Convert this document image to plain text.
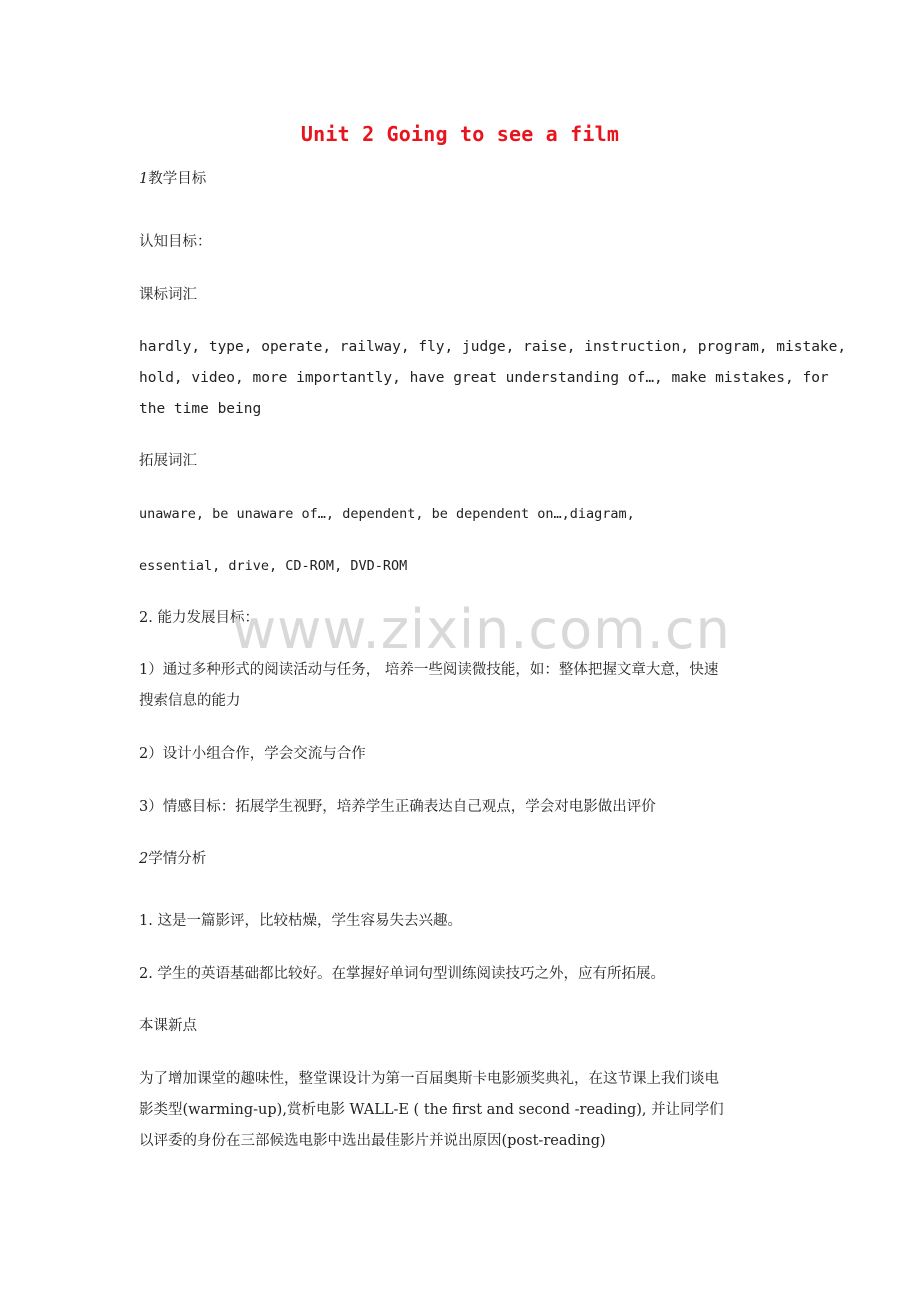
Unit 2 Going to see a film
1教学目标
认知目标：
课标词汇
hardly, type, operate, railway, fly, judge, raise, instruction, program, mistake,
hold, video, more importantly, have great understanding of…, make mistakes, for
the time being
拓展词汇
unaware, be unaware of…, dependent, be dependent on…,diagram,
essential, drive, CD-ROM, DVD-ROM
2. 能力发展目标：
1）通过多种形式的阅读活动与任务， 培养一些阅读微技能，如：整体把握文章大意，快速
搜索信息的能力
2）设计小组合作，学会交流与合作
3）情感目标：拓展学生视野，培养学生正确表达自己观点，学会对电影做出评价
2学情分析
1. 这是一篇影评，比较枯燥，学生容易失去兴趣。
2. 学生的英语基础都比较好。在掌握好单词句型训练阅读技巧之外，应有所拓展。
本课新点
为了增加课堂的趣味性，整堂课设计为第一百届奥斯卡电影颁奖典礼，在这节课上我们谈电
影类型(warming-up),赏析电影 WALL-E ( the first and second -reading), 并让同学们
以评委的身份在三部候选电影中选出最佳影片并说出原因(post-reading)
www.zixin.com.cn
